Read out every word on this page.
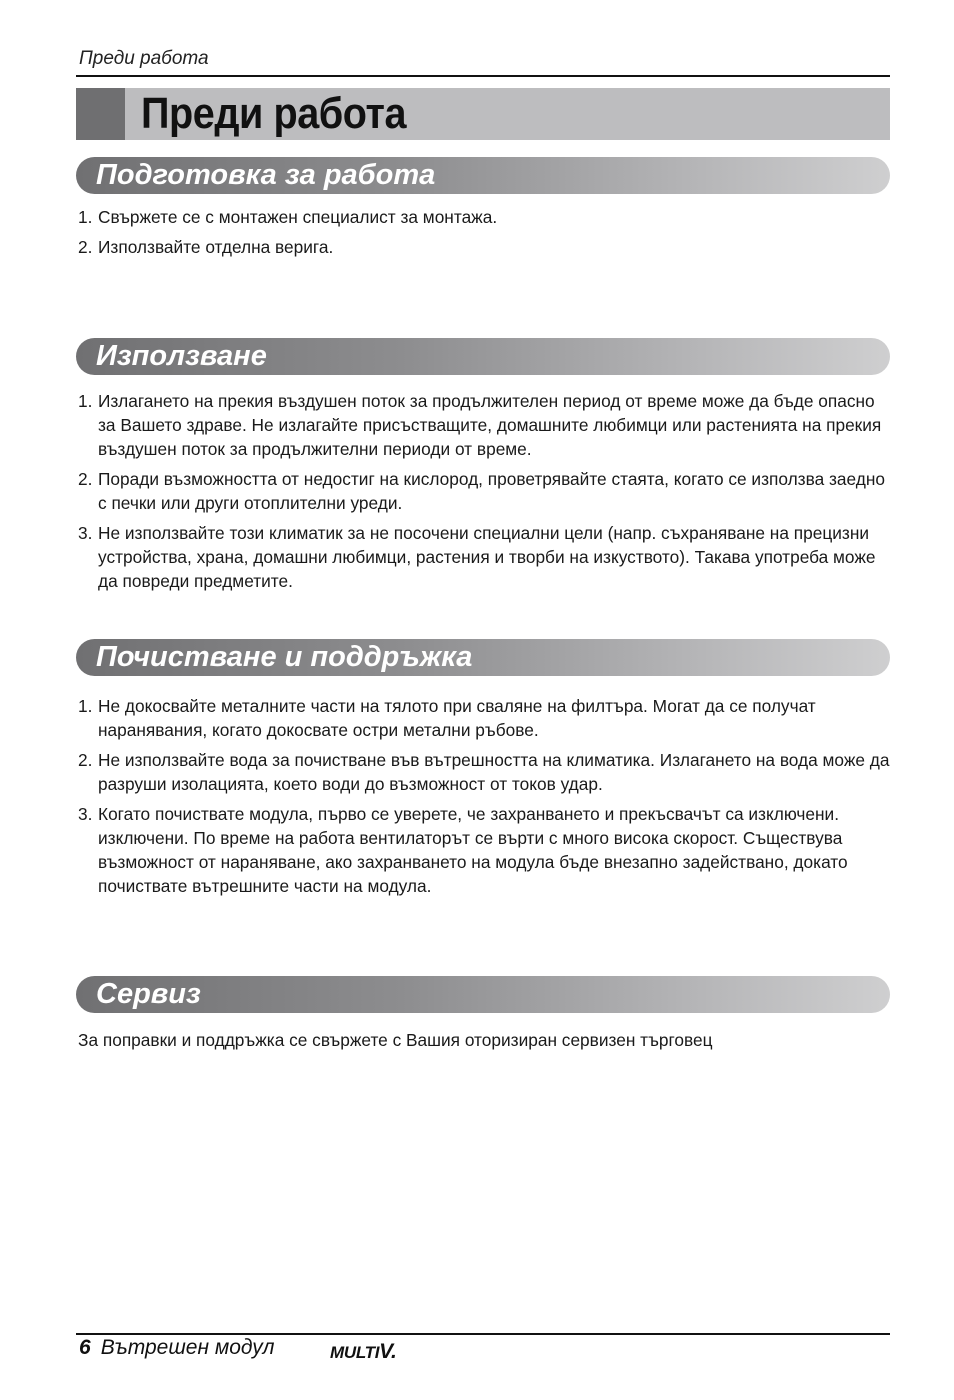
Преди работа
Преди работа
Подготовка за работа
1. Свържете се с монтажен специалист за монтажа.
2. Използвайте отделна верига.
Използване
1. Излагането на прекия въздушен поток за продължителен период от време може да бъде опасно за Вашето здраве. Не излагайте присъстващите, домашните любимци или растенията на прекия въздушен поток за продължителни периоди от време.
2. Поради възможността от недостиг на кислород, проветрявайте стаята, когато се използва заедно с печки или други отоплителни уреди.
3. Не използвайте този климатик за не посочени специални цели (напр. съхраняване на прецизни устройства, храна, домашни любимци, растения и творби на изкуството). Такава употреба може да повреди предметите.
Почистване и поддръжка
1. Не докосвайте металните части на тялото при сваляне на филтъра. Могат да се получат наранявания, когато докосвате остри метални ръбове.
2. Не използвайте вода за почистване във вътрешността на климатика. Излагането на вода може да разруши изолацията, което води до възможност от токов удар.
3. Когато почиствате модула, първо се уверете, че захранването и прекъсвачът са изключени. изключени. По време на работа вентилаторът се върти с много висока скорост. Съществува възможност от нараняване, ако захранването на модула бъде внезапно задействано, докато почиствате вътрешните части на модула.
Сервиз
За поправки и поддръжка се свържете с Вашия оторизиран сервизен търговец
6 Вътрешен модул	MULTIV.
